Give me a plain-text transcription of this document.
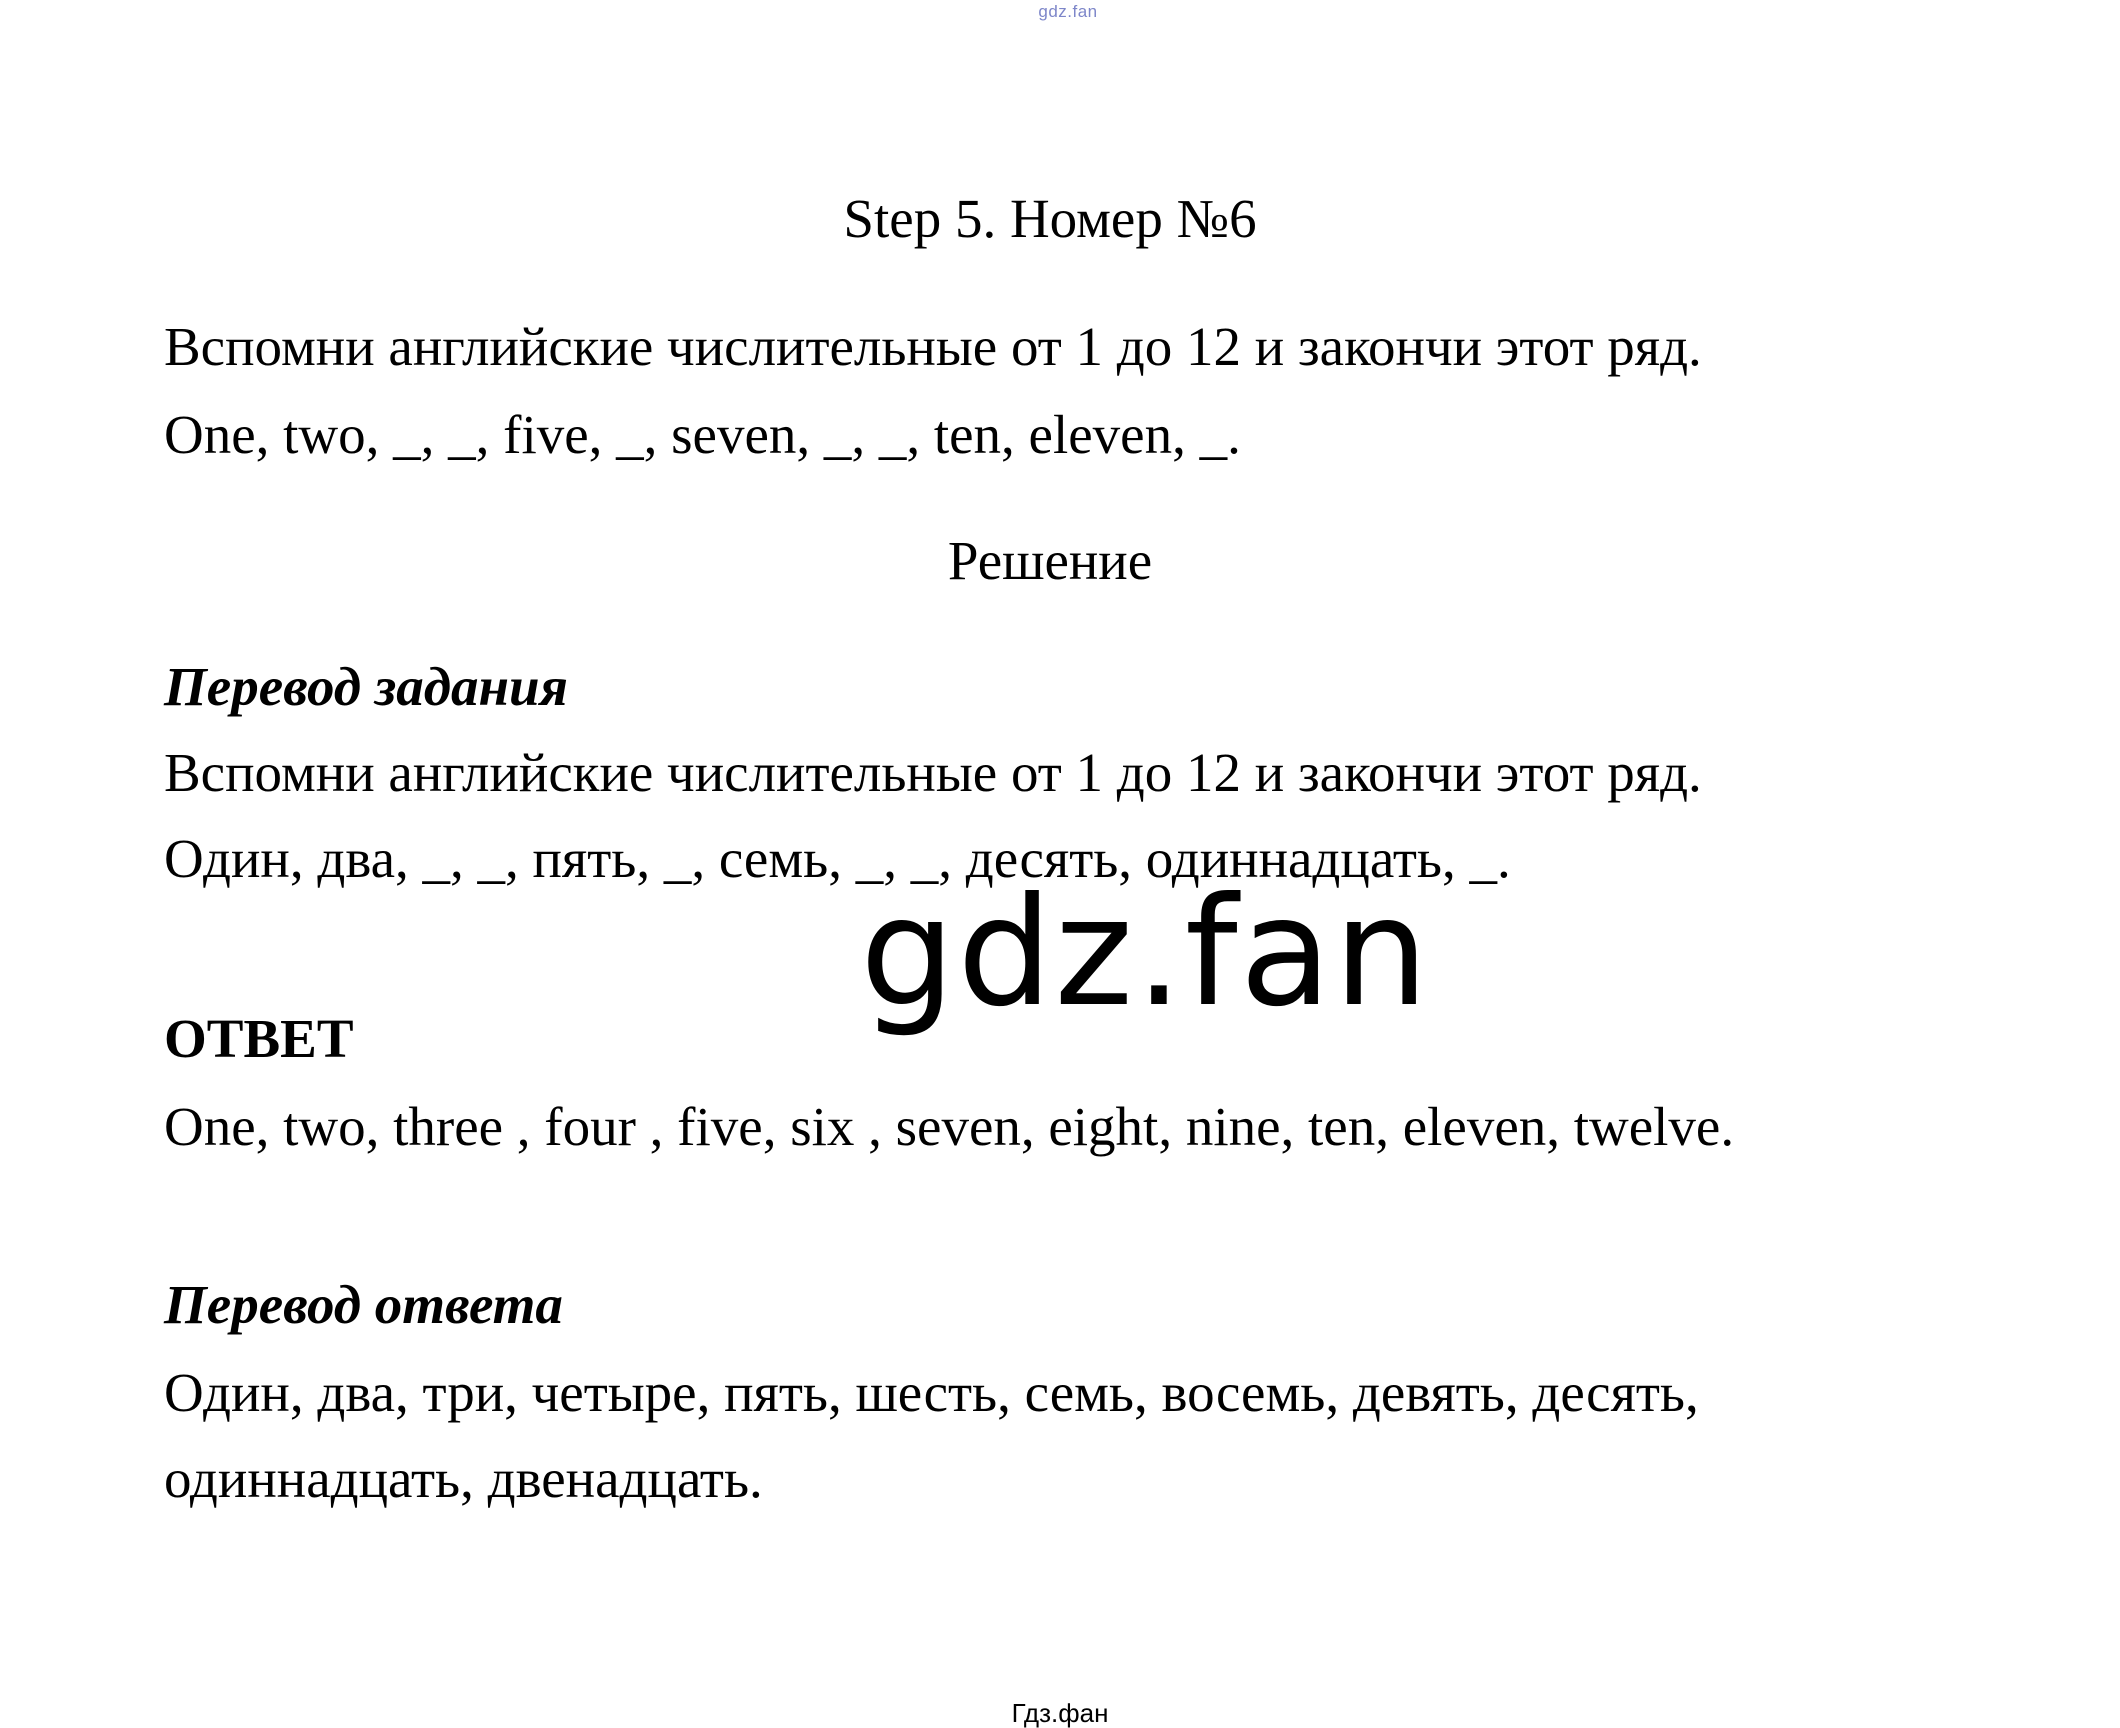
gdz.fan
Step 5. Номер №6
Вспомни английские числительные от 1 до 12 и закончи этот ряд.
One, two, _, _, five, _, seven, _, _, ten, eleven, _.
Решение
Перевод задания
Вспомни английские числительные от 1 до 12 и закончи этот ряд.
Один, два, _, _, пять, _, семь, _, _, десять, одиннадцать, _.
gdz.fan
ОТВЕТ
One, two, three , four , five, six , seven, eight, nine, ten, eleven, twelve.
Перевод ответа
Один, два, три, четыре, пять, шесть, семь, восемь, девять, десять,
одиннадцать, двенадцать.
Гдз.фан
